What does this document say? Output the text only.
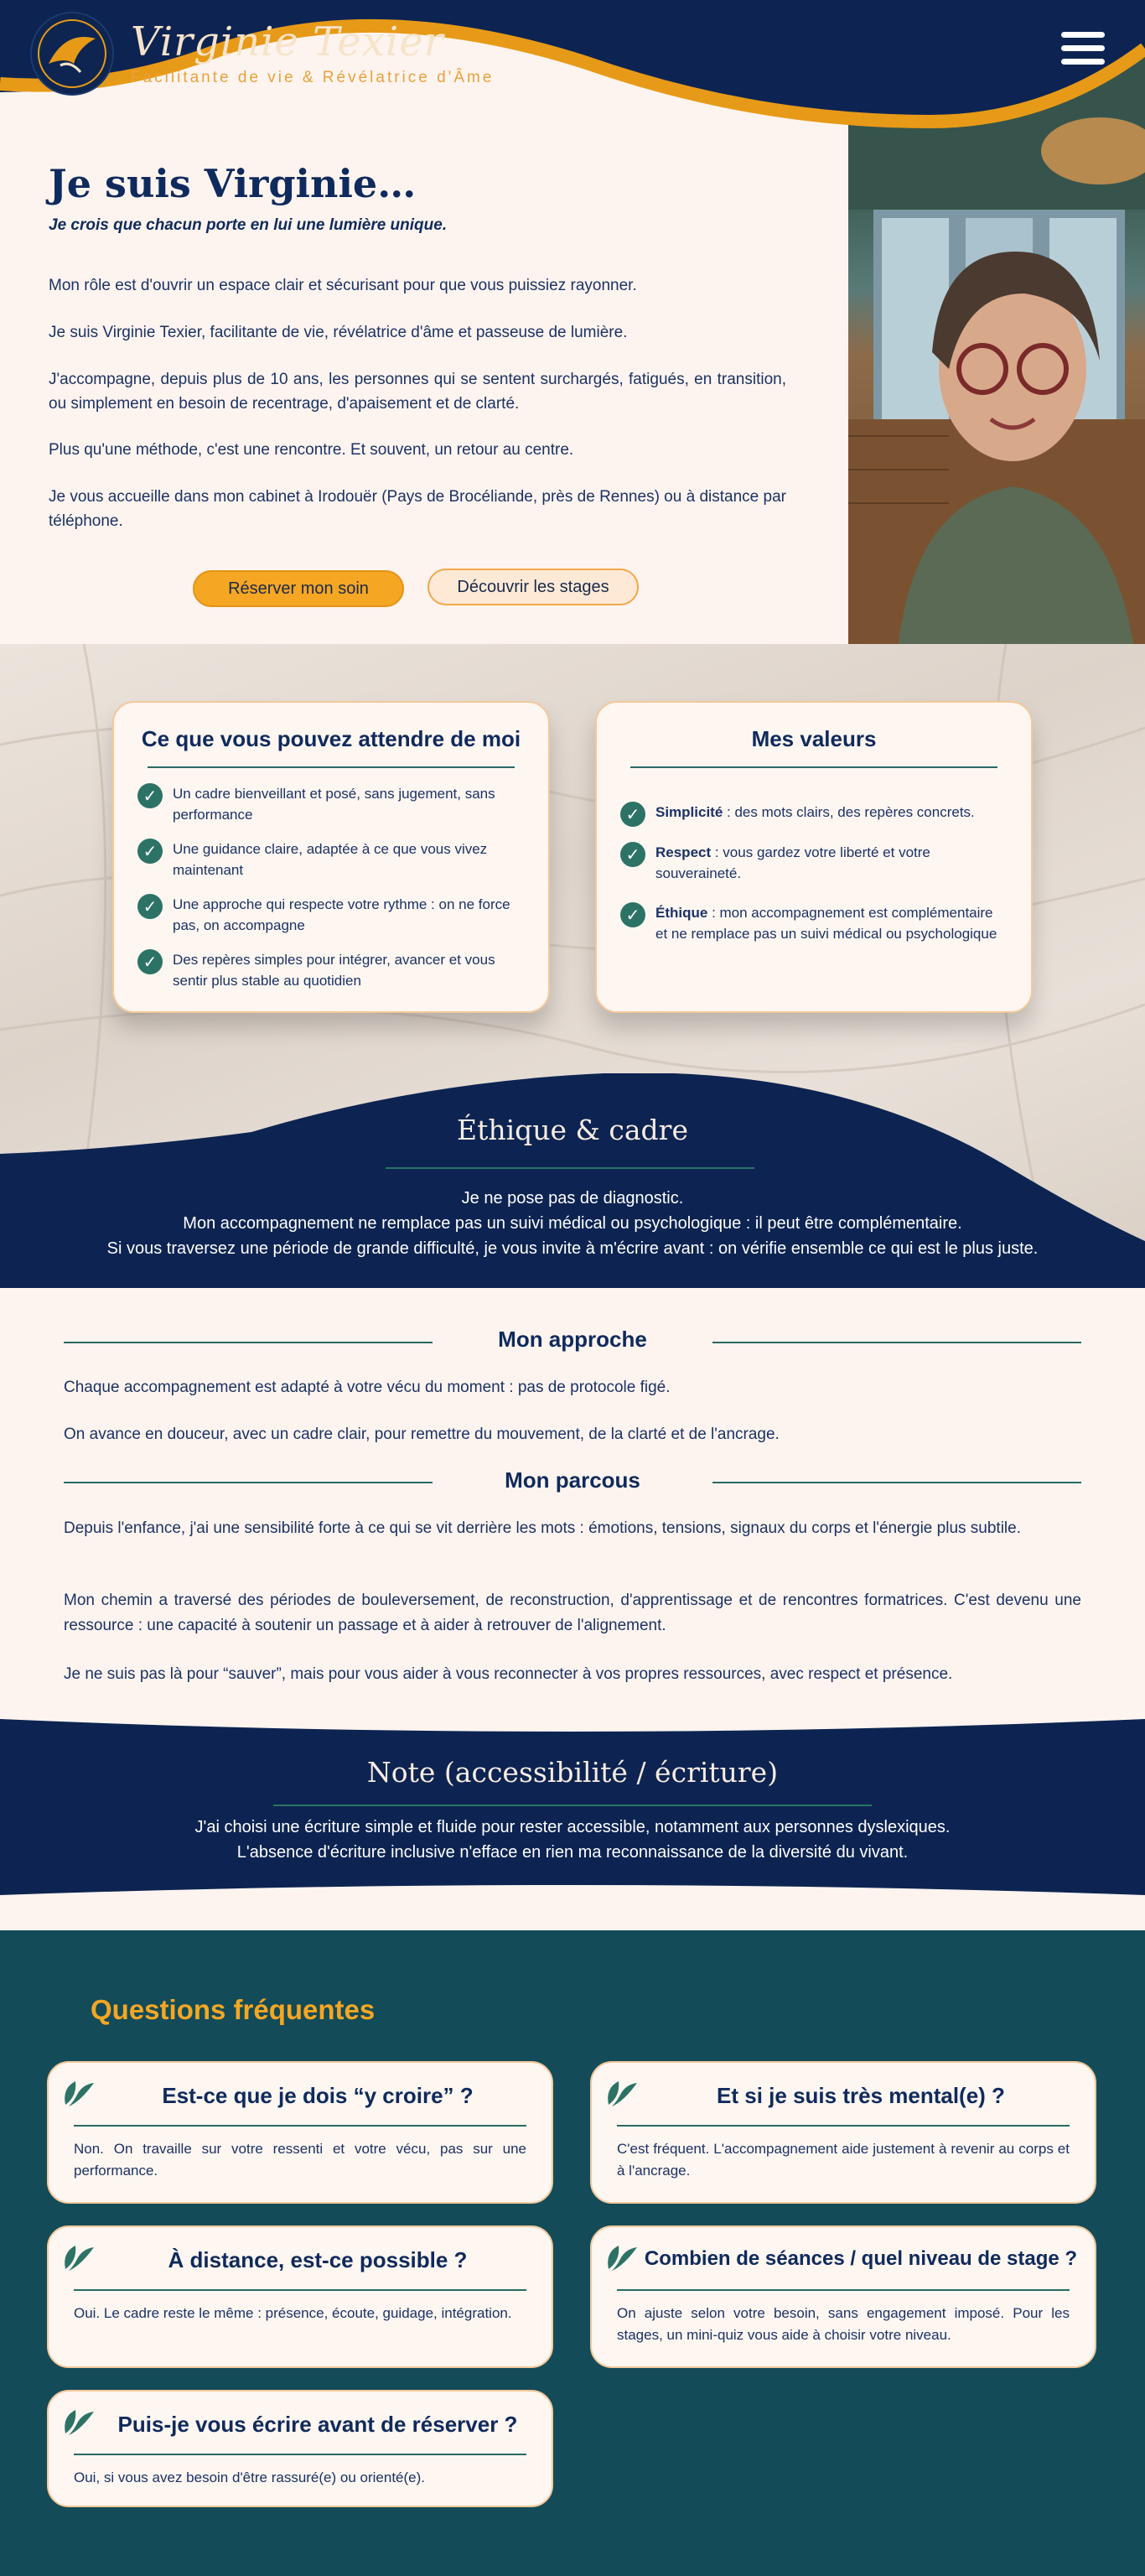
Je suis Virginie…

Je crois que chacun porte en lui une lumière unique.

Mon rôle est d'ouvrir un espace clair et sécurisant pour que vous puissiez rayonner.

Je suis Virginie Texier, facilitante de vie, révélatrice d'âme et passeuse de lumière.

J'accompagne, depuis plus de 10 ans, les personnes qui se sentent surchargés, fatigués, en transition, ou simplement en besoin de recentrage, d'apaisement et de clarté.

Plus qu'une méthode, c'est une rencontre. Et souvent, un retour au centre.

Je vous accueille dans mon cabinet à Irodouër (Pays de Brocéliande, près de Rennes) ou à distance par téléphone.

Réserver mon soin	Découvrir les stages
Virginie Texier
Facilitante de vie & Révélatrice d'Âme
Ce que vous pouvez attendre de moi
✓	Un cadre bienveillant et posé, sans jugement, sans performance
✓	Une guidance claire, adaptée à ce que vous vivez maintenant
✓	Une approche qui respecte votre rythme : on ne force pas, on accompagne
✓	Des repères simples pour intégrer, avancer et vous sentir plus stable au quotidien
Mes valeurs
✓	Simplicité : des mots clairs, des repères concrets.
✓	Respect : vous gardez votre liberté et votre souveraineté.
✓	Éthique : mon accompagnement est complémentaire et ne remplace pas un suivi médical ou psychologique
Éthique & cadre
Je ne pose pas de diagnostic.
Mon accompagnement ne remplace pas un suivi médical ou psychologique : il peut être complémentaire.
Si vous traversez une période de grande difficulté, je vous invite à m'écrire avant : on vérifie ensemble ce qui est le plus juste.
Mon approche

Chaque accompagnement est adapté à votre vécu du moment : pas de protocole figé.

On avance en douceur, avec un cadre clair, pour remettre du mouvement, de la clarté et de l'ancrage.

Mon parcous

Depuis l'enfance, j'ai une sensibilité forte à ce qui se vit derrière les mots : émotions, tensions, signaux du corps et l'énergie plus subtile.

Mon chemin a traversé des périodes de bouleversement, de reconstruction, d'apprentissage et de rencontres formatrices. C'est devenu une ressource : une capacité à soutenir un passage et à aider à retrouver de l'alignement.

Je ne suis pas là pour “sauver”, mais pour vous aider à vous reconnecter à vos propres ressources, avec respect et présence.

Note (accessibilité / écriture)
J'ai choisi une écriture simple et fluide pour rester accessible, notamment aux personnes dyslexiques.
L'absence d'écriture inclusive n'efface en rien ma reconnaissance de la diversité du vivant.
Questions fréquentes
Est-ce que je dois “y croire” ?
Non. On travaille sur votre ressenti et votre vécu, pas sur une performance.
Et si je suis très mental(e) ?
C'est fréquent. L'accompagnement aide justement à revenir au corps et à l'ancrage.
À distance, est-ce possible ?
Oui. Le cadre reste le même : présence, écoute, guidage, intégration.
Combien de séances / quel niveau de stage ?
On ajuste selon votre besoin, sans engagement imposé. Pour les stages, un mini-quiz vous aide à choisir votre niveau.
Puis-je vous écrire avant de réserver ?
Oui, si vous avez besoin d'être rassuré(e) ou orienté(e).
